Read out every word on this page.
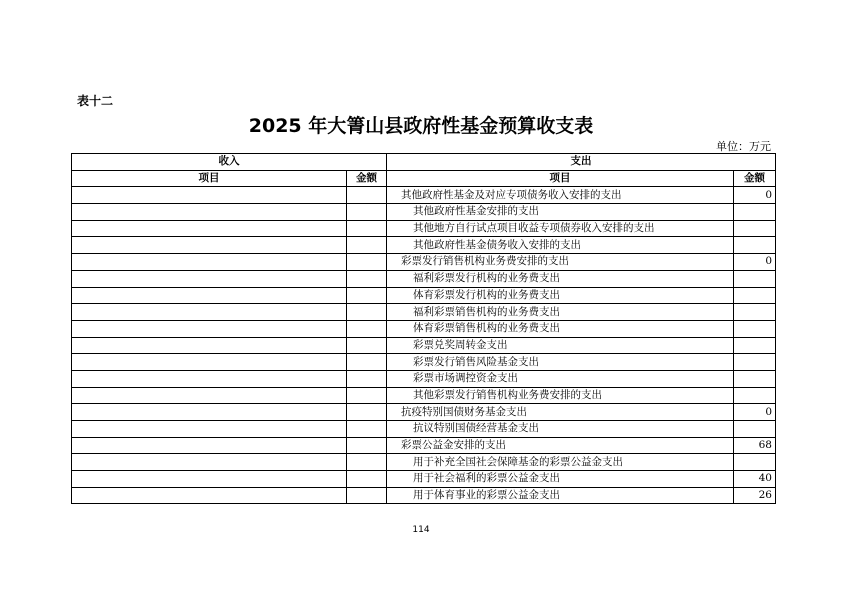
表十二
2025 年大箐山县政府性基金预算收支表
单位：万元
收入		支出	
项目	金额	项目	金额
		其他政府性基金及对应专项债务收入安排的支出	0
		其他政府性基金安排的支出	
		其他地方自行试点项目收益专项债券收入安排的支出	
		其他政府性基金债务收入安排的支出	
		彩票发行销售机构业务费安排的支出	0
		福利彩票发行机构的业务费支出	
		体育彩票发行机构的业务费支出	
		福利彩票销售机构的业务费支出	
		体育彩票销售机构的业务费支出	
		彩票兑奖周转金支出	
		彩票发行销售风险基金支出	
		彩票市场调控资金支出	
		其他彩票发行销售机构业务费安排的支出	
		抗疫特别国债财务基金支出	0
		抗议特别国债经营基金支出	
		彩票公益金安排的支出	68
		用于补充全国社会保障基金的彩票公益金支出	
		用于社会福利的彩票公益金支出	40
		用于体育事业的彩票公益金支出	26
114
